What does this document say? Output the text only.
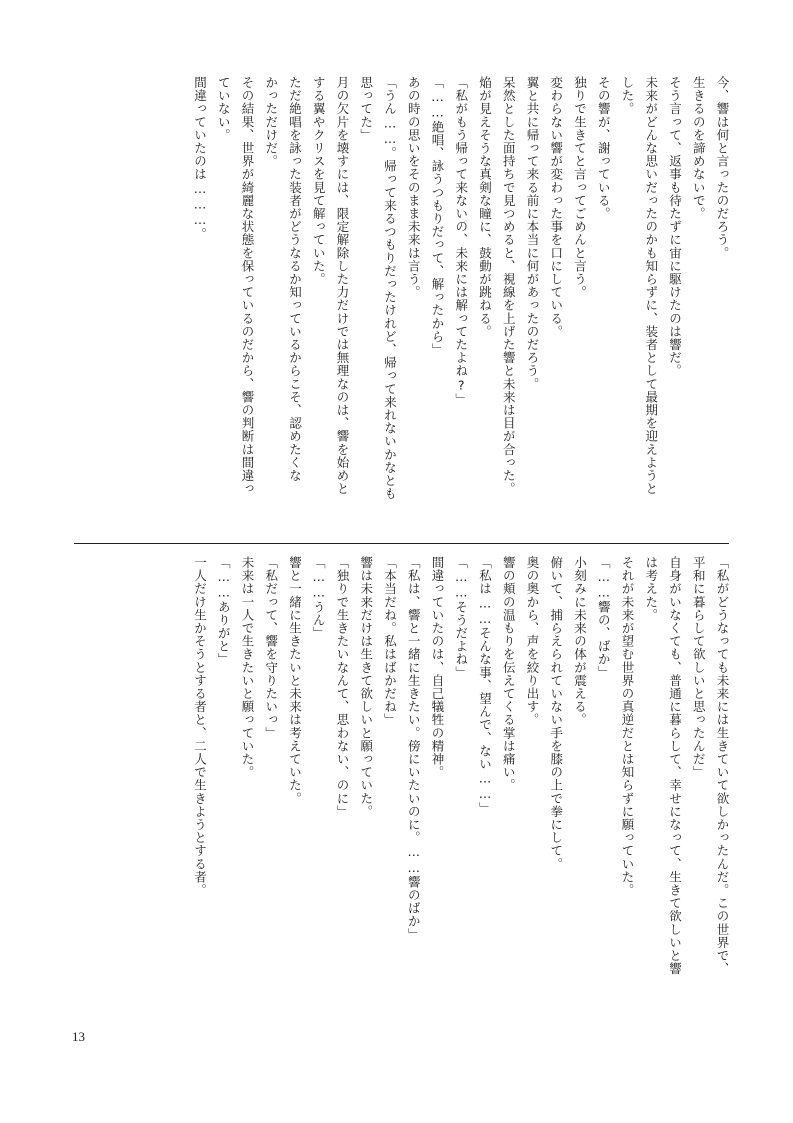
今、響は何と言ったのだろう。
生きるのを諦めないで。
そう言って、返事も待たずに宙に駆けたのは響だ。
未来がどんな思いだったのかも知らずに、装者として最期を迎えようと
した。
その響が、謝っている。
独りで生きてと言ってごめんと言う。
変わらない響が変わった事を口にしている。
翼と共に帰って来る前に本当に何があったのだろう。
呆然とした面持ちで見つめると、視線を上げた響と未来は目が合った。
焔が見えそうな真剣な瞳に、鼓動が跳ねる。
「私がもう帰って来ないの、未来には解ってたよね?」
「……絶唱、詠うつもりだって、解ったから」
あの時の思いをそのまま未来は言う。
「うん……。帰って来るつもりだったけれど、帰って来れないかなとも
思ってた」
月の欠片を壊すには、限定解除した力だけでは無理なのは、響を始めと
する翼やクリスを見て解っていた。
ただ絶唱を詠った装者がどうなるか知っているからこそ、認めたくな
かっただけだ。
その結果、世界が綺麗な状態を保っているのだから、響の判断は間違っ
ていない。
間違っていたのは………。
「私がどうなっても未来には生きていて欲しかったんだ。この世界で、
平和に暮らして欲しいと思ったんだ」
自身がいなくても、普通に暮らして、幸せになって、生きて欲しいと響
は考えた。
それが未来が望む世界の真逆だとは知らずに願っていた。
「……響の、ばか」
小刻みに未来の体が震える。
俯いて、捕らえられていない手を膝の上で拳にして。
奥の奥から、声を絞り出す。
響の頬の温もりを伝えてくる掌は痛い。
「私は……そんな事、望んで、ない……」
「……そうだよね」
間違っていたのは、自己犠牲の精神。
「私は、響と一緒に生きたい。傍にいたいのに。……響のばか」
「本当だね。私はばかだね」
響は未来だけは生きて欲しいと願っていた。
「独りで生きたいなんて、思わない、のに」
「……うん」
響と一緒に生きたいと未来は考えていた。
「私だって、響を守りたいっ」
未来は一人で生きたいと願っていた。
「……ありがと」
一人だけ生かそうとする者と、二人で生きようとする者。
13
